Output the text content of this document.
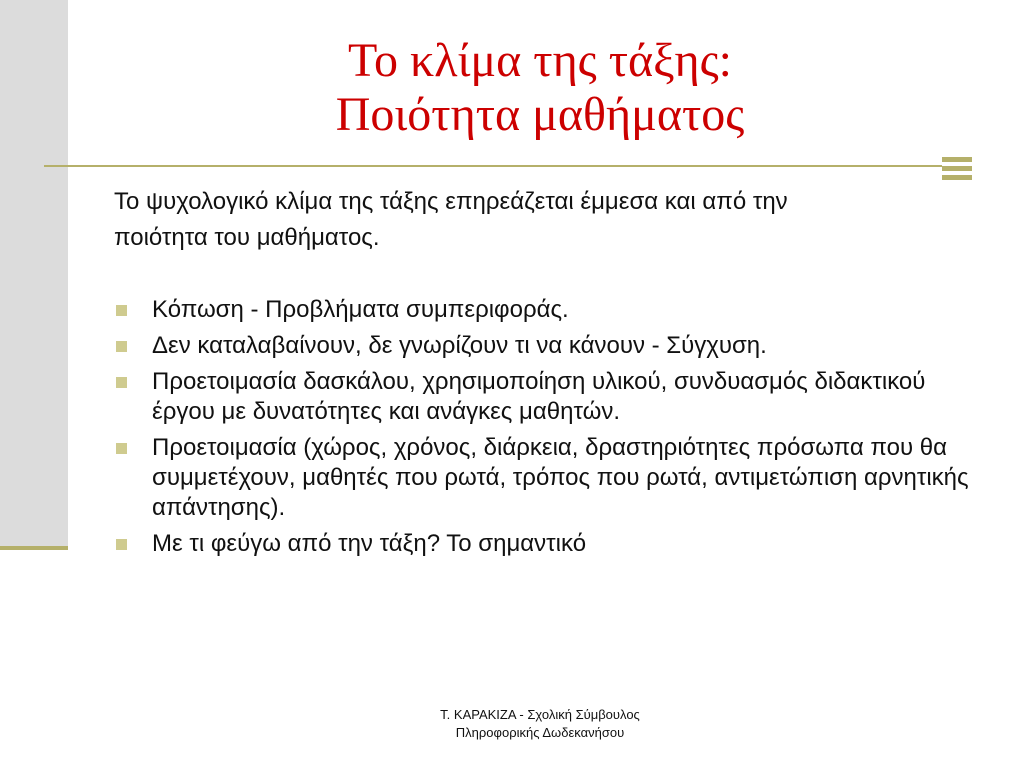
Το κλίμα της τάξης:
Ποιότητα μαθήματος
Το ψυχολογικό κλίμα της τάξης επηρεάζεται έμμεσα και από την
ποιότητα του μαθήματος.
Κόπωση - Προβλήματα συμπεριφοράς.
Δεν καταλαβαίνουν, δε γνωρίζουν τι να κάνουν - Σύγχυση.
Προετοιμασία δασκάλου, χρησιμοποίηση υλικού, συνδυασμός διδακτικού έργου με δυνατότητες και ανάγκες μαθητών.
Προετοιμασία (χώρος, χρόνος, διάρκεια, δραστηριότητες πρόσωπα που θα συμμετέχουν, μαθητές που ρωτά, τρόπος που ρωτά, αντιμετώπιση αρνητικής απάντησης).
Με τι φεύγω από την τάξη? Το σημαντικό
Τ. ΚΑΡΑΚΙΖΑ - Σχολική Σύμβουλος
Πληροφορικής Δωδεκανήσου
